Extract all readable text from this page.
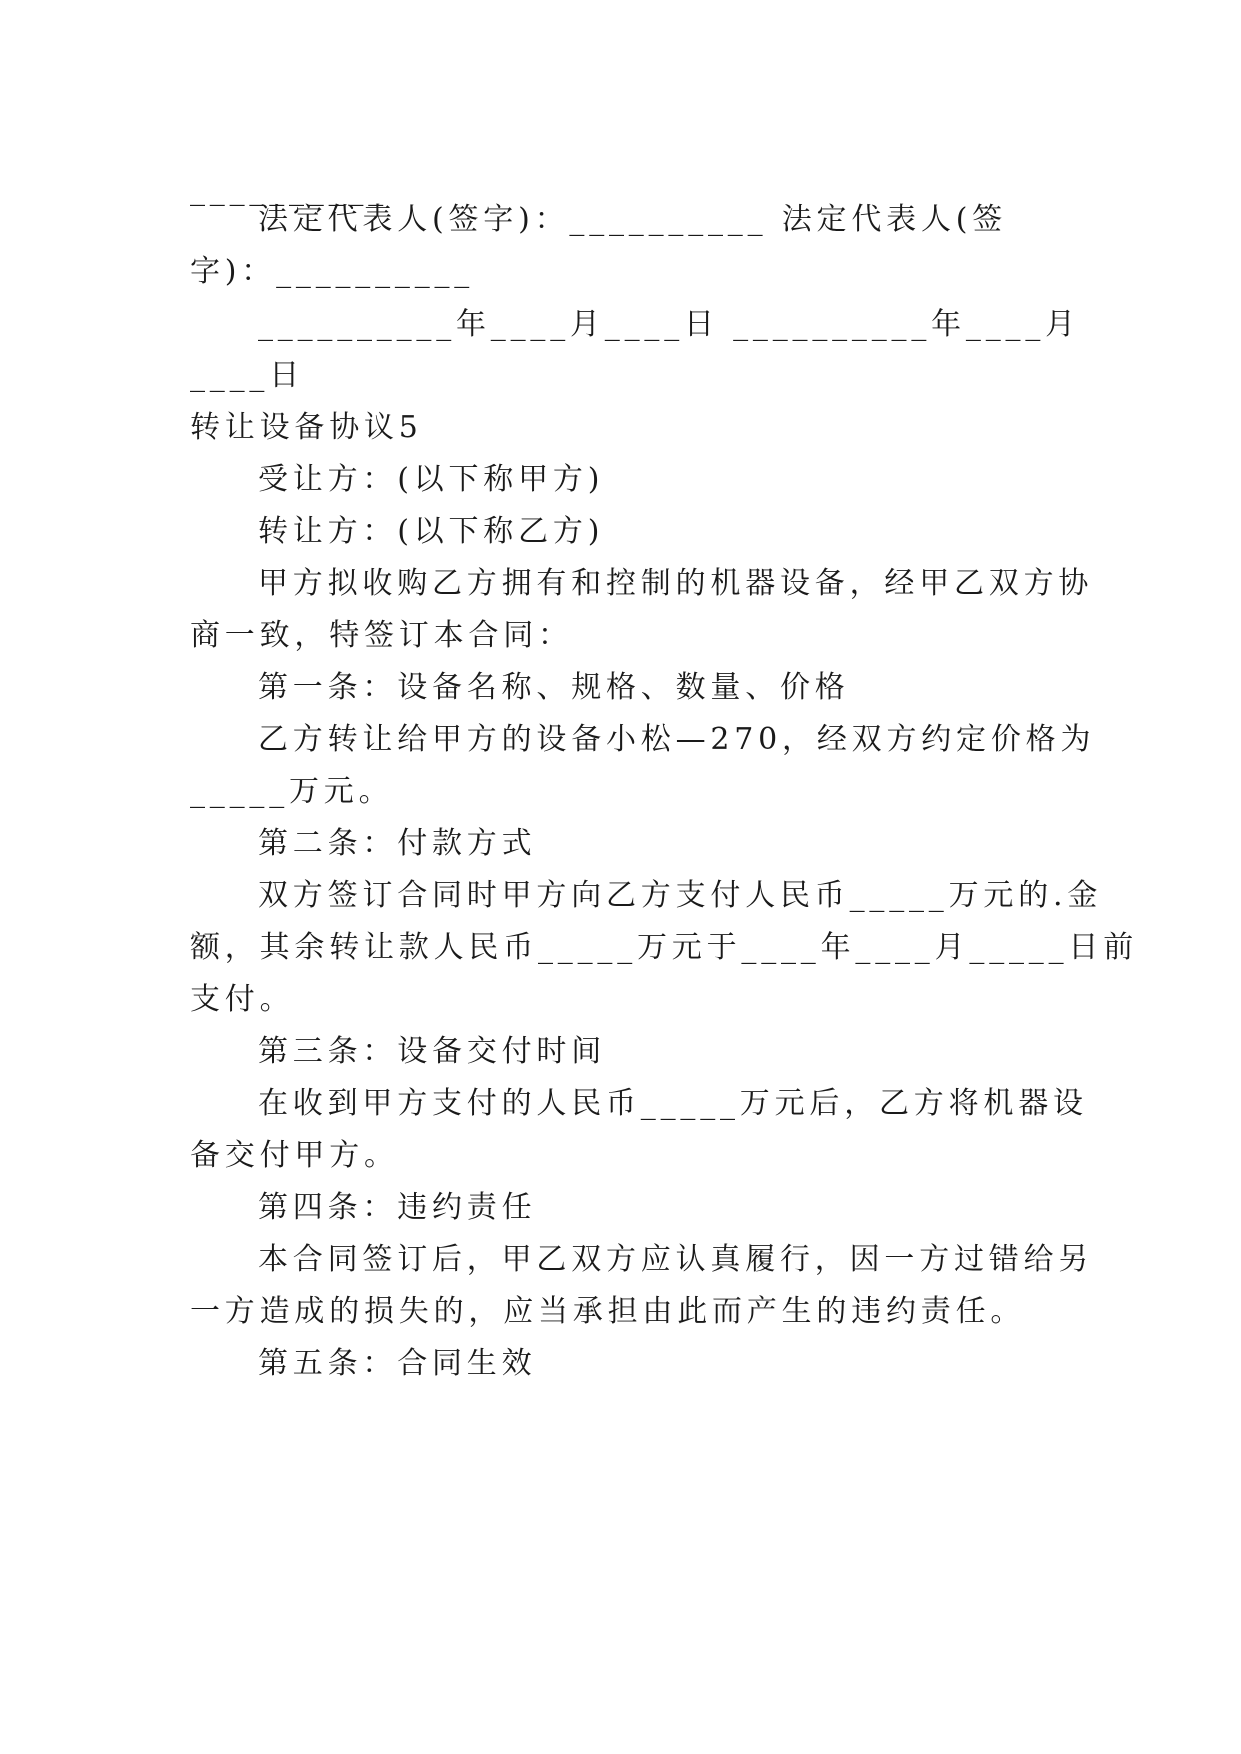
__________
法定代表人(签字)：__________ 法定代表人(签
字)：__________
__________年____月____日 __________年____月
____日
转让设备协议5
受让方：(以下称甲方)
转让方：(以下称乙方)
甲方拟收购乙方拥有和控制的机器设备，经甲乙双方协
商一致，特签订本合同：
第一条：设备名称、规格、数量、价格
乙方转让给甲方的设备小松—270，经双方约定价格为
_____万元。
第二条：付款方式
双方签订合同时甲方向乙方支付人民币_____万元的.金
额，其余转让款人民币_____万元于____年____月_____日前
支付。
第三条：设备交付时间
在收到甲方支付的人民币_____万元后，乙方将机器设
备交付甲方。
第四条：违约责任
本合同签订后，甲乙双方应认真履行，因一方过错给另
一方造成的损失的，应当承担由此而产生的违约责任。
第五条：合同生效
